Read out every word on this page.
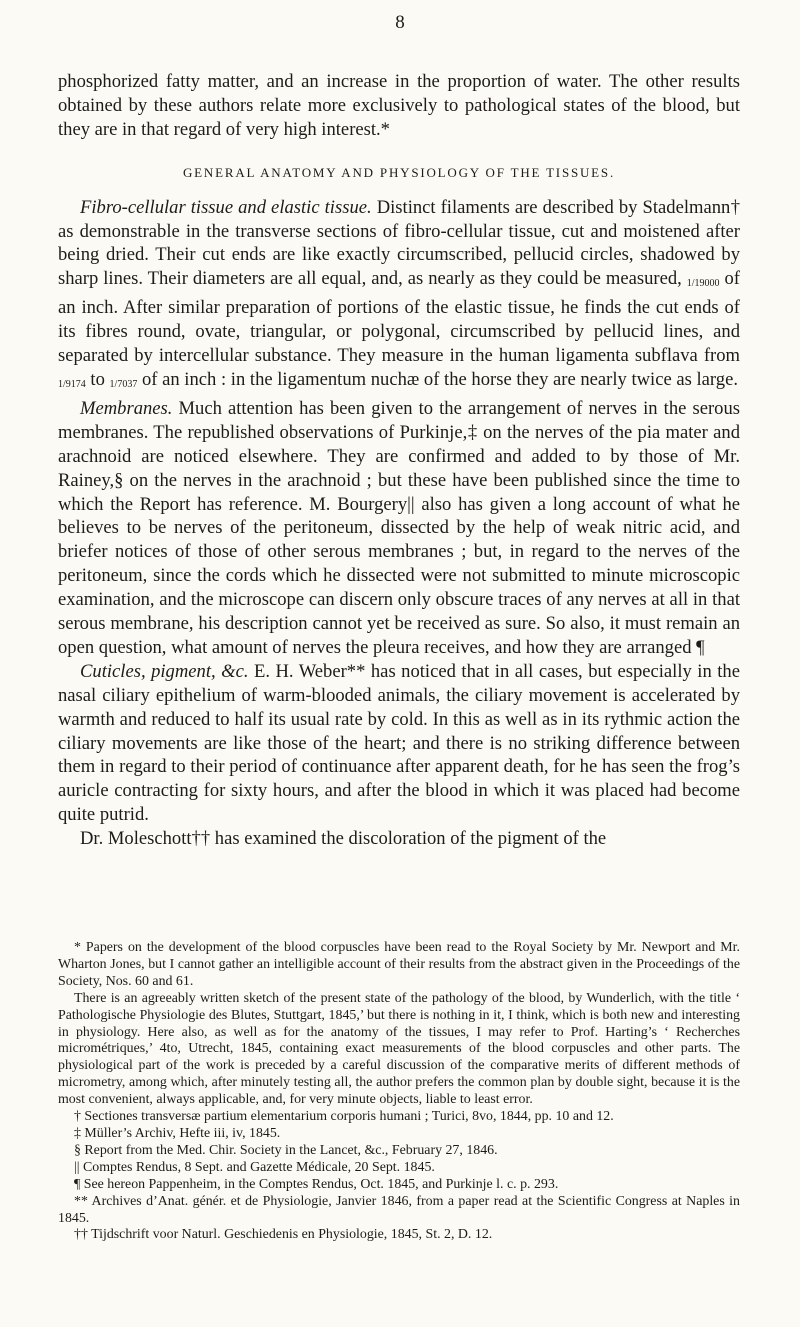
8

phosphorized fatty matter, and an increase in the proportion of water. The other results obtained by these authors relate more exclusively to pathological states of the blood, but they are in that regard of very high interest.*

GENERAL ANATOMY AND PHYSIOLOGY OF THE TISSUES.

Fibro-cellular tissue and elastic tissue. Distinct filaments are described by Stadelmann† as demonstrable in the transverse sections of fibro-cellular tissue, cut and moistened after being dried. Their cut ends are like exactly circumscribed, pellucid circles, shadowed by sharp lines. Their diameters are all equal, and, as nearly as they could be measured, 1/19000 of an inch. After similar preparation of portions of the elastic tissue, he finds the cut ends of its fibres round, ovate, triangular, or polygonal, circumscribed by pellucid lines, and separated by intercellular substance. They measure in the human ligamenta subflava from 1/9174 to 1/7037 of an inch : in the ligamentum nuchæ of the horse they are nearly twice as large.

Membranes. Much attention has been given to the arrangement of nerves in the serous membranes. The republished observations of Purkinje,‡ on the nerves of the pia mater and arachnoid are noticed elsewhere. They are confirmed and added to by those of Mr. Rainey,§ on the nerves in the arachnoid ; but these have been published since the time to which the Report has reference. M. Bourgery|| also has given a long account of what he believes to be nerves of the peritoneum, dissected by the help of weak nitric acid, and briefer notices of those of other serous membranes ; but, in regard to the nerves of the peritoneum, since the cords which he dissected were not submitted to minute microscopic examination, and the microscope can discern only obscure traces of any nerves at all in that serous membrane, his description cannot yet be received as sure. So also, it must remain an open question, what amount of nerves the pleura receives, and how they are arranged ¶

Cuticles, pigment, &c. E. H. Weber** has noticed that in all cases, but especially in the nasal ciliary epithelium of warm-blooded animals, the ciliary movement is accelerated by warmth and reduced to half its usual rate by cold. In this as well as in its rythmic action the ciliary movements are like those of the heart; and there is no striking difference between them in regard to their period of continuance after apparent death, for he has seen the frog’s auricle contracting for sixty hours, and after the blood in which it was placed had become quite putrid.

Dr. Moleschott†† has examined the discoloration of the pigment of the

* Papers on the development of the blood corpuscles have been read to the Royal Society by Mr. Newport and Mr. Wharton Jones, but I cannot gather an intelligible account of their results from the abstract given in the Proceedings of the Society, Nos. 60 and 61.

There is an agreeably written sketch of the present state of the pathology of the blood, by Wunderlich, with the title ‘ Pathologische Physiologie des Blutes, Stuttgart, 1845,’ but there is nothing in it, I think, which is both new and interesting in physiology. Here also, as well as for the anatomy of the tissues, I may refer to Prof. Harting’s ‘ Recherches micrométriques,’ 4to, Utrecht, 1845, containing exact measurements of the blood corpuscles and other parts. The physiological part of the work is preceded by a careful discussion of the comparative merits of different methods of micrometry, among which, after minutely testing all, the author prefers the common plan by double sight, because it is the most convenient, always applicable, and, for very minute objects, liable to least error.

† Sectiones transversæ partium elementarium corporis humani ; Turici, 8vo, 1844, pp. 10 and 12.

‡ Müller’s Archiv, Hefte iii, iv, 1845.

§ Report from the Med. Chir. Society in the Lancet, &c., February 27, 1846.

|| Comptes Rendus, 8 Sept. and Gazette Médicale, 20 Sept. 1845.

¶ See hereon Pappenheim, in the Comptes Rendus, Oct. 1845, and Purkinje l. c. p. 293.

** Archives d’Anat. génér. et de Physiologie, Janvier 1846, from a paper read at the Scientific Congress at Naples in 1845.

†† Tijdschrift voor Naturl. Geschiedenis en Physiologie, 1845, St. 2, D. 12.
